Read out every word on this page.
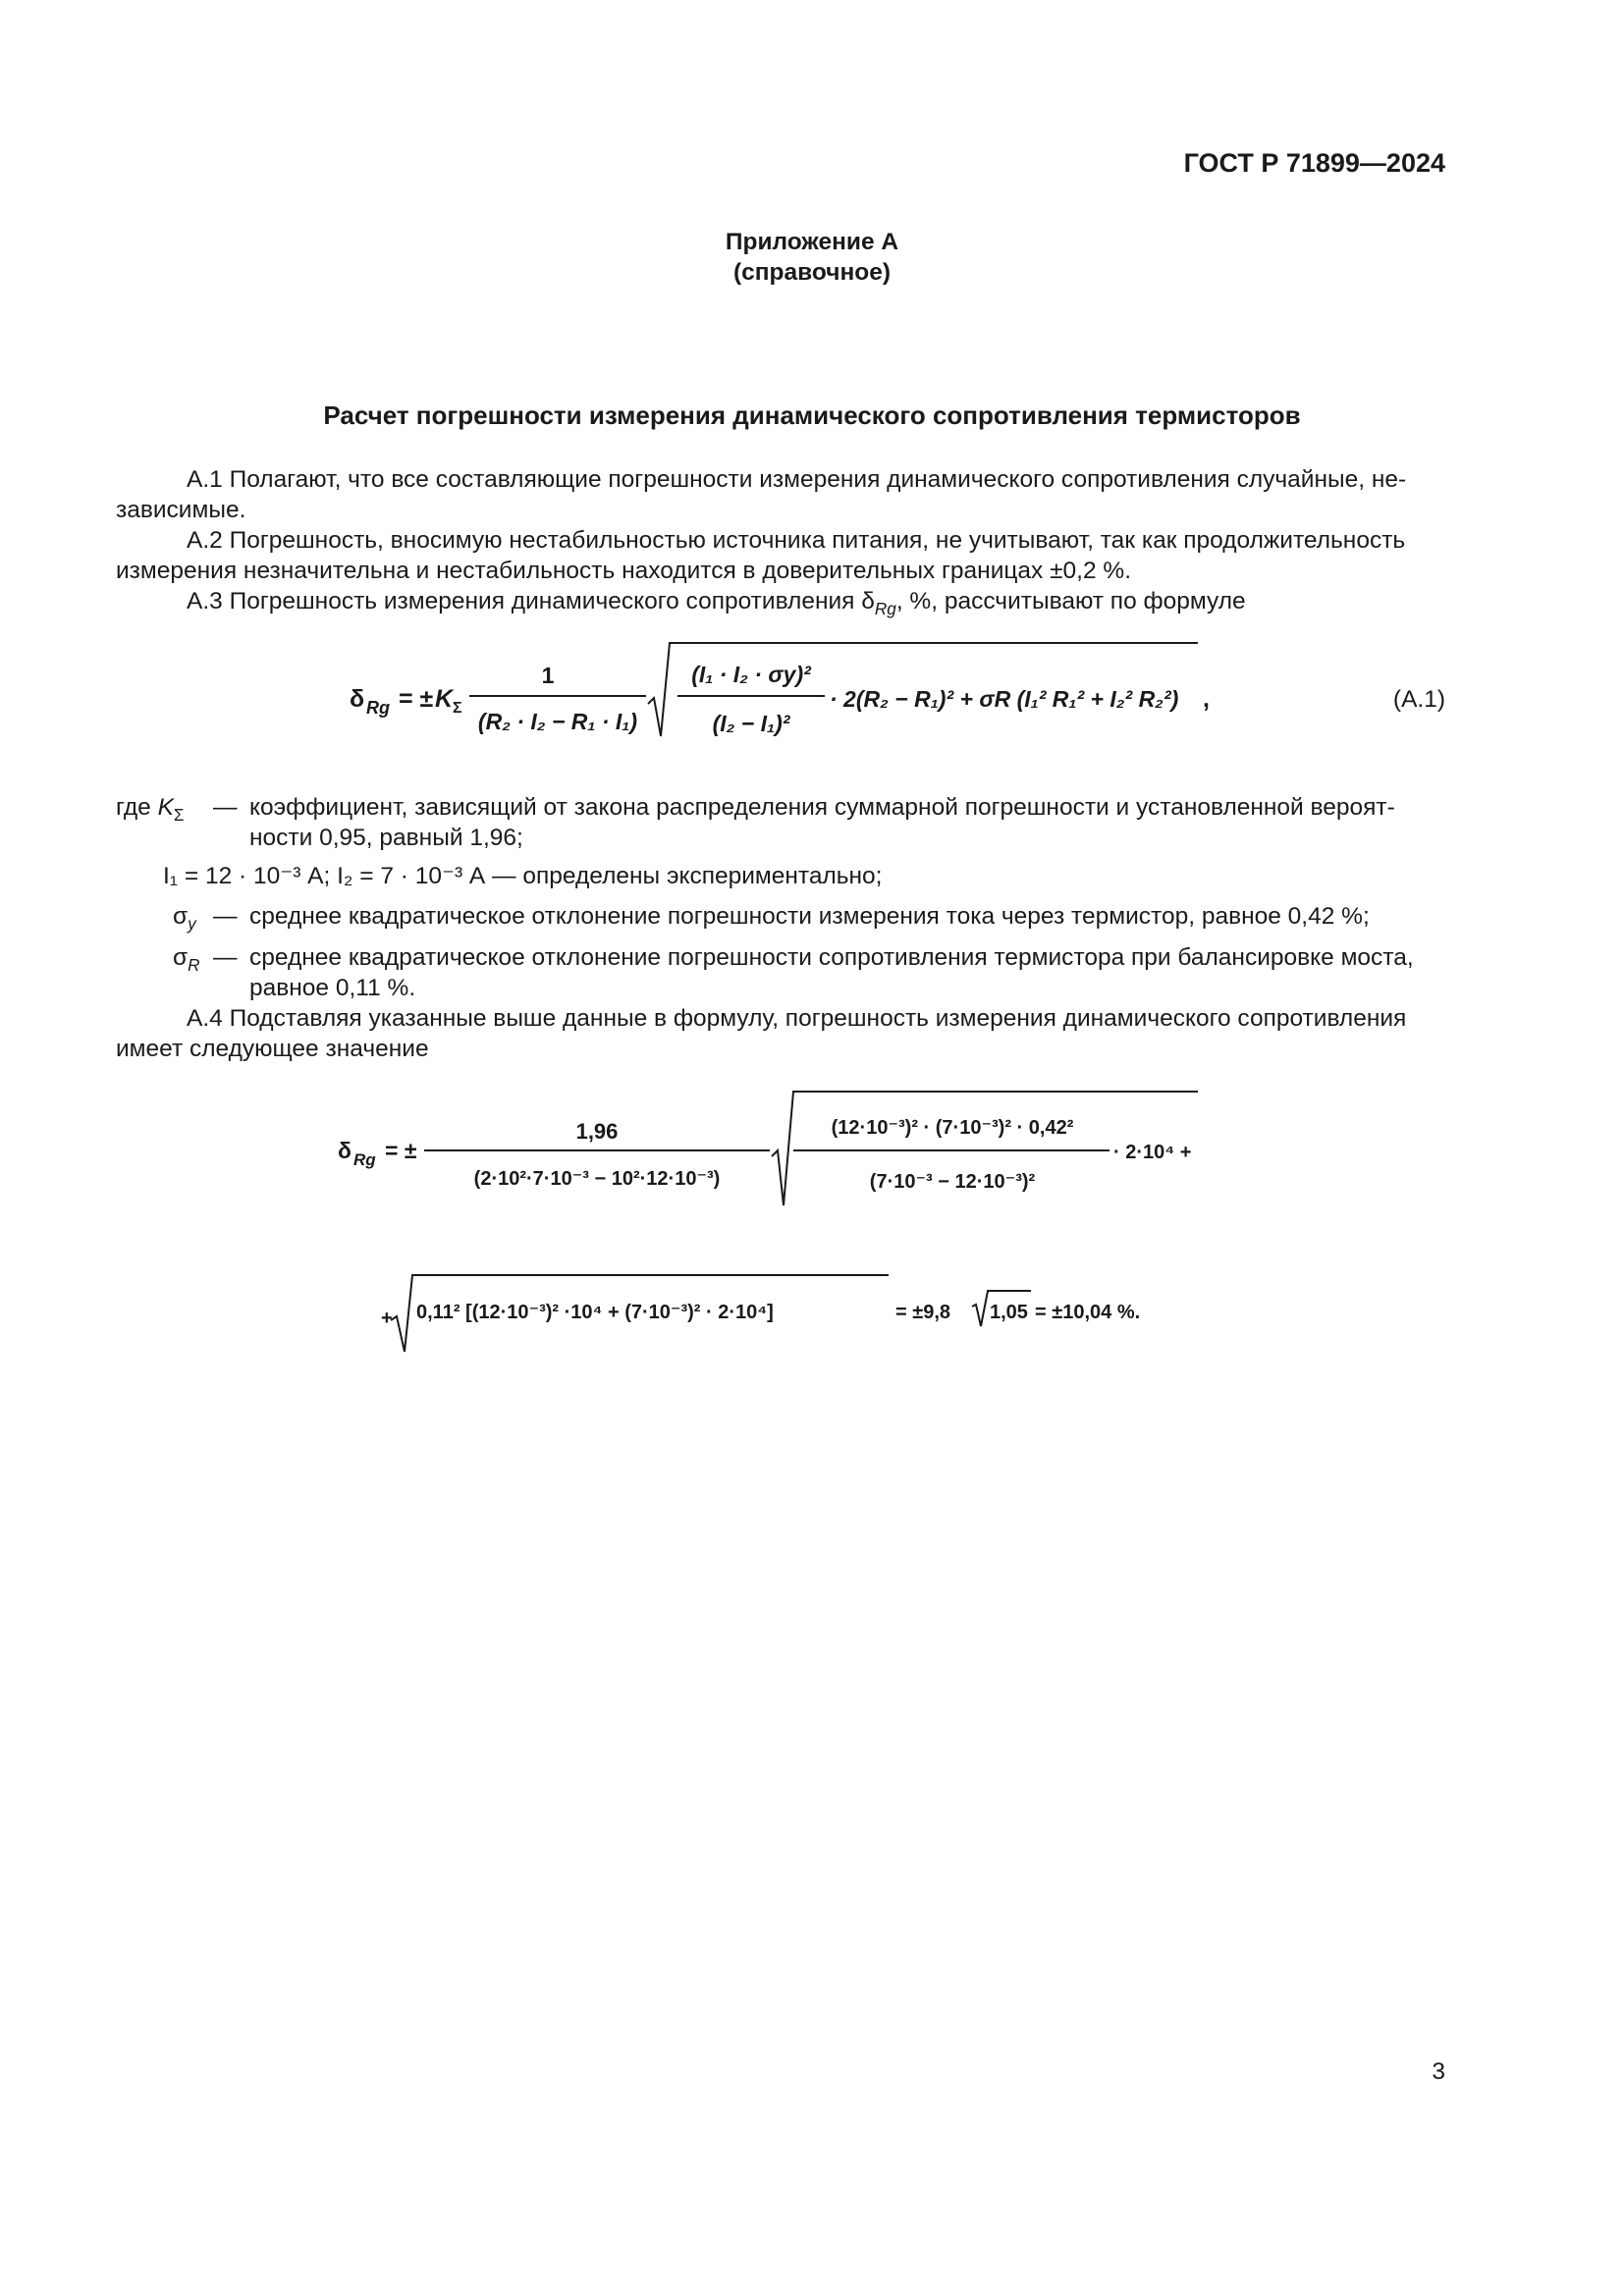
ГОСТ Р 71899—2024
Приложение А
(справочное)
Расчет погрешности измерения динамического сопротивления термисторов
А.1 Полагают, что все составляющие погрешности измерения динамического сопротивления случайные, не-
зависимые.
А.2 Погрешность, вносимую нестабильностью источника питания, не учитывают, так как продолжительность
измерения незначительна и нестабильность находится в доверительных границах ±0,2 %.
А.3 Погрешность измерения динамического сопротивления $\delta_{Rg}$, %, рассчитывают по формуле
δ Rg = ± K Σ
1
(R₂ · I₂ − R₁ · I₁)
(I₁ · I₂ · σy)²
(I₂ − I₁)²
· 2(R₂ − R₁)² + σR (I₁² R₁² + I₂² R₂²) ,	(А.1)
где $K_\Sigma$ — коэффициент, зависящий от закона распределения суммарной погрешности и установленной вероят-
ности 0,95, равный 1,96;
I₁ = 12 · 10⁻³ А; I₂ = 7 · 10⁻³ А — определены экспериментально;
$\sigma_y$ — среднее квадратическое отклонение погрешности измерения тока через термистор, равное 0,42 %;
$\sigma_R$ — среднее квадратическое отклонение погрешности сопротивления термистора при балансировке моста,
равное 0,11 %.
А.4 Подставляя указанные выше данные в формулу, погрешность измерения динамического сопротивления
имеет следующее значение
δ Rg = ±
1,96
(2·10²·7·10⁻³ − 10²·12·10⁻³)
(12·10⁻³)² · (7·10⁻³)² · 0,42²
(7·10⁻³ − 12·10⁻³)²
· 2·10⁴ +
+ 0,11² [(12·10⁻³)² ·10⁴ + (7·10⁻³)² · 2·10⁴]	= ±9,8 1,05 = ±10,04 %.
3
